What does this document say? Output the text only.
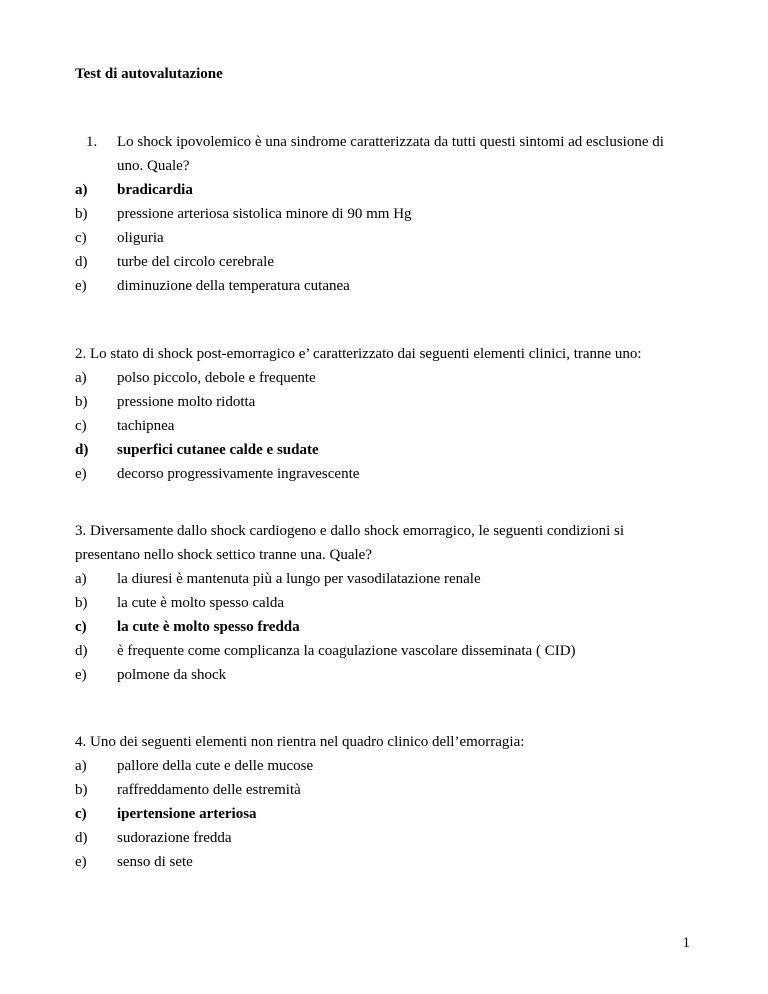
Test di autovalutazione
1. Lo shock ipovolemico è una sindrome caratterizzata da tutti questi sintomi ad esclusione di
uno. Quale?
a) bradicardia
b) pressione arteriosa sistolica minore di 90 mm Hg
c) oliguria
d) turbe del circolo cerebrale
e) diminuzione della temperatura cutanea
2. Lo stato di shock post-emorragico e’ caratterizzato dai seguenti elementi clinici, tranne uno:
a) polso piccolo, debole e frequente
b) pressione molto ridotta
c) tachipnea
d) superfici cutanee calde e sudate
e) decorso progressivamente ingravescente
3. Diversamente dallo shock cardiogeno e dallo shock emorragico, le seguenti condizioni si
presentano nello shock settico tranne una. Quale?
a) la diuresi è mantenuta più a lungo per vasodilatazione renale
b) la cute è molto spesso calda
c) la cute è molto spesso fredda
d) è frequente come complicanza la coagulazione vascolare disseminata ( CID)
e) polmone da shock
4. Uno dei seguenti elementi non rientra nel quadro clinico dell’emorragia:
a) pallore della cute e delle mucose
b) raffreddamento delle estremità
c) ipertensione arteriosa
d) sudorazione fredda
e) senso di sete
1
